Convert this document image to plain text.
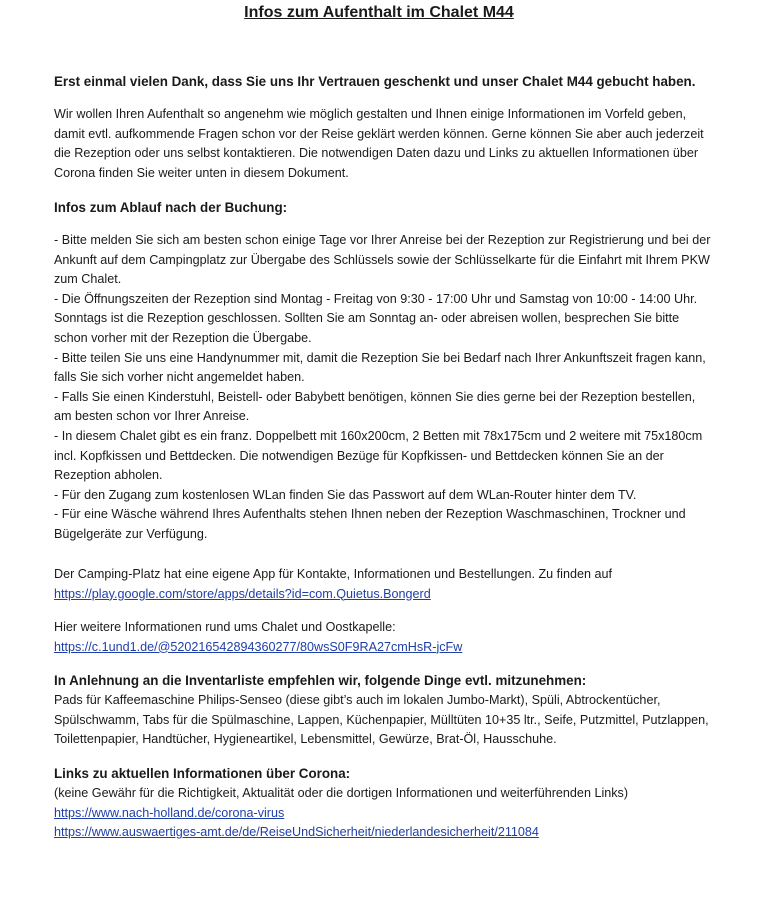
Infos zum Aufenthalt im Chalet M44

Erst einmal vielen Dank, dass Sie uns Ihr Vertrauen geschenkt und unser Chalet M44 gebucht haben.

Wir wollen Ihren Aufenthalt so angenehm wie möglich gestalten und Ihnen einige Informationen im Vorfeld geben, damit evtl. aufkommende Fragen schon vor der Reise geklärt werden können. Gerne können Sie aber auch jederzeit die Rezeption oder uns selbst kontaktieren. Die notwendigen Daten dazu und Links zu aktuellen Informationen über Corona finden Sie weiter unten in diesem Dokument.

Infos zum Ablauf nach der Buchung:

- Bitte melden Sie sich am besten schon einige Tage vor Ihrer Anreise bei der Rezeption zur Registrierung und bei der Ankunft auf dem Campingplatz zur Übergabe des Schlüssels sowie der Schlüsselkarte für die Einfahrt mit Ihrem PKW zum Chalet.
- Die Öffnungszeiten der Rezeption sind Montag - Freitag von 9:30 - 17:00 Uhr und Samstag von 10:00 - 14:00 Uhr. Sonntags ist die Rezeption geschlossen. Sollten Sie am Sonntag an- oder abreisen wollen, besprechen Sie bitte schon vorher mit der Rezeption die Übergabe.
- Bitte teilen Sie uns eine Handynummer mit, damit die Rezeption Sie bei Bedarf nach Ihrer Ankunftszeit fragen kann, falls Sie sich vorher nicht angemeldet haben.
- Falls Sie einen Kinderstuhl, Beistell- oder Babybett benötigen, können Sie dies gerne bei der Rezeption bestellen, am besten schon vor Ihrer Anreise.
- In diesem Chalet gibt es ein franz. Doppelbett mit 160x200cm, 2 Betten mit 78x175cm und 2 weitere mit 75x180cm incl. Kopfkissen und Bettdecken. Die notwendigen Bezüge für Kopfkissen- und Bettdecken können Sie an der Rezeption abholen.
- Für den Zugang zum kostenlosen WLan finden Sie das Passwort auf dem WLan-Router hinter dem TV.
- Für eine Wäsche während Ihres Aufenthalts stehen Ihnen neben der Rezeption Waschmaschinen, Trockner und Bügelgeräte zur Verfügung.
Der Camping-Platz hat eine eigene App für Kontakte, Informationen und Bestellungen. Zu finden auf
https://play.google.com/store/apps/details?id=com.Quietus.Bongerd
Hier weitere Informationen rund ums Chalet und Oostkapelle:
https://c.1und1.de/@520216542894360277/80wsS0F9RA27cmHsR-jcFw

In Anlehnung an die Inventarliste empfehlen wir, folgende Dinge evtl. mitzunehmen:

Pads für Kaffeemaschine Philips-Senseo (diese gibt’s auch im lokalen Jumbo-Markt), Spüli, Abtrockentücher, Spülschwamm, Tabs für die Spülmaschine, Lappen, Küchenpapier, Mülltüten 10+35 ltr., Seife, Putzmittel, Putzlappen, Toilettenpapier, Handtücher, Hygieneartikel, Lebensmittel, Gewürze, Brat-Öl, Hausschuhe.

Links zu aktuellen Informationen über Corona:

(keine Gewähr für die Richtigkeit, Aktualität oder die dortigen Informationen und weiterführenden Links)
https://www.nach-holland.de/corona-virus
https://www.auswaertiges-amt.de/de/ReiseUndSicherheit/niederlandesicherheit/211084
